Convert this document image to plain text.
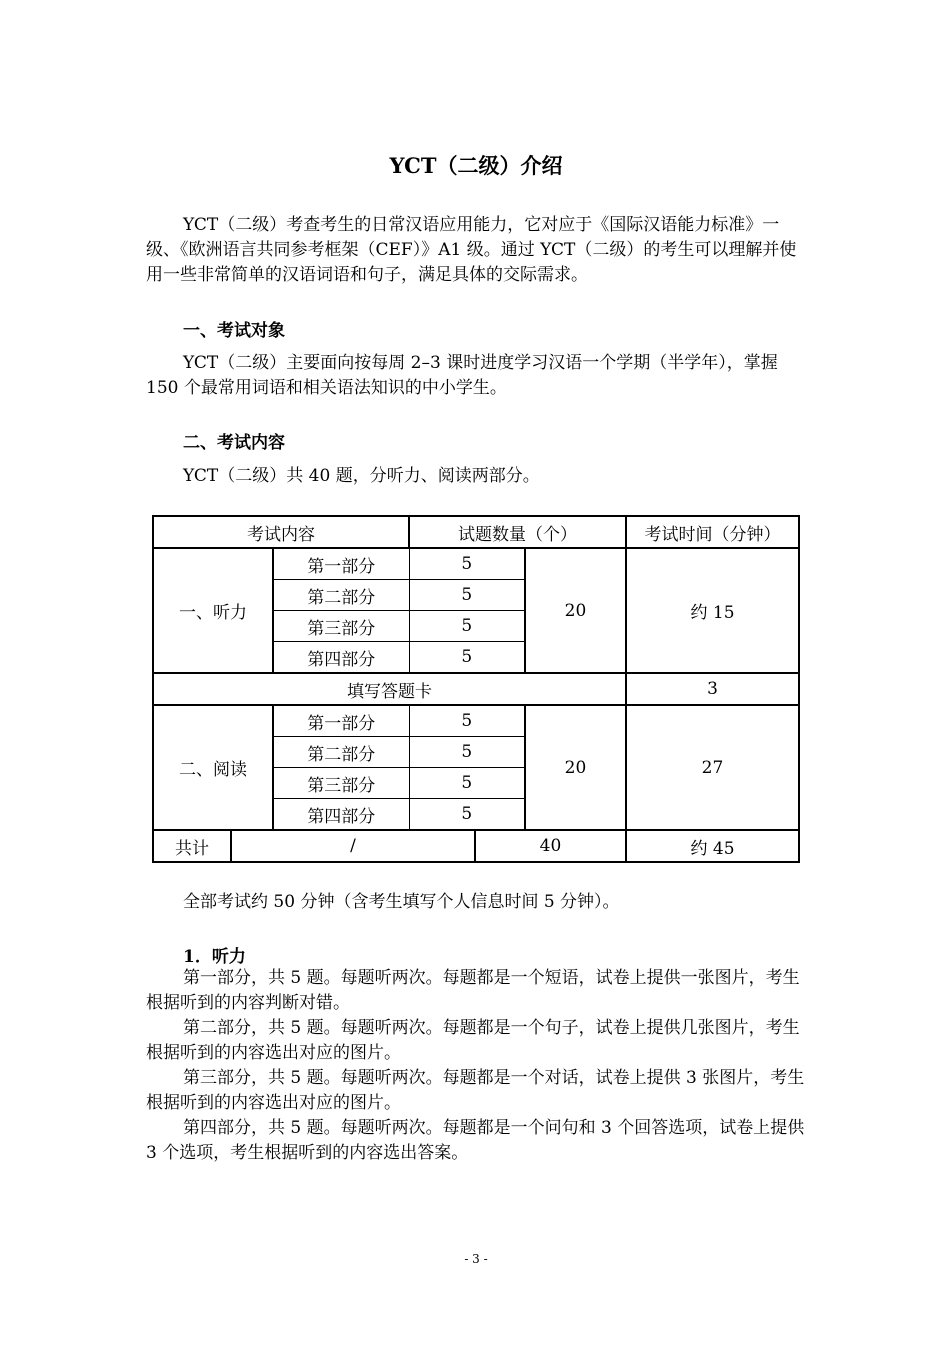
YCT（二级）介绍

YCT（二级）考查考生的日常汉语应用能力，它对应于《国际汉语能力标准》一级、《欧洲语言共同参考框架（CEF）》A1 级。通过 YCT（二级）的考生可以理解并使用一些非常简单的汉语词语和句子，满足具体的交际需求。

一、考试对象

YCT（二级）主要面向按每周 2–3 课时进度学习汉语一个学期（半学年），掌握 150 个最常用词语和相关语法知识的中小学生。

二、考试内容

YCT（二级）共 40 题，分听力、阅读两部分。

考试内容			试题数量（个）			考试时间（分钟）
一、听力		第一部分	5		20	约 15
		第二部分	5			
		第三部分	5			
		第四部分	5			
填写答题卡						3
二、阅读		第一部分	5		20	27
		第二部分	5			
		第三部分	5			
		第四部分	5			
共计	/			40		约 45

全部考试约 50 分钟（含考生填写个人信息时间 5 分钟）。

1．听力

第一部分，共 5 题。每题听两次。每题都是一个短语，试卷上提供一张图片，考生根据听到的内容判断对错。

第二部分，共 5 题。每题听两次。每题都是一个句子，试卷上提供几张图片，考生根据听到的内容选出对应的图片。

第三部分，共 5 题。每题听两次。每题都是一个对话，试卷上提供 3 张图片，考生根据听到的内容选出对应的图片。

第四部分，共 5 题。每题听两次。每题都是一个问句和 3 个回答选项，试卷上提供 3 个选项，考生根据听到的内容选出答案。

- 3 -
